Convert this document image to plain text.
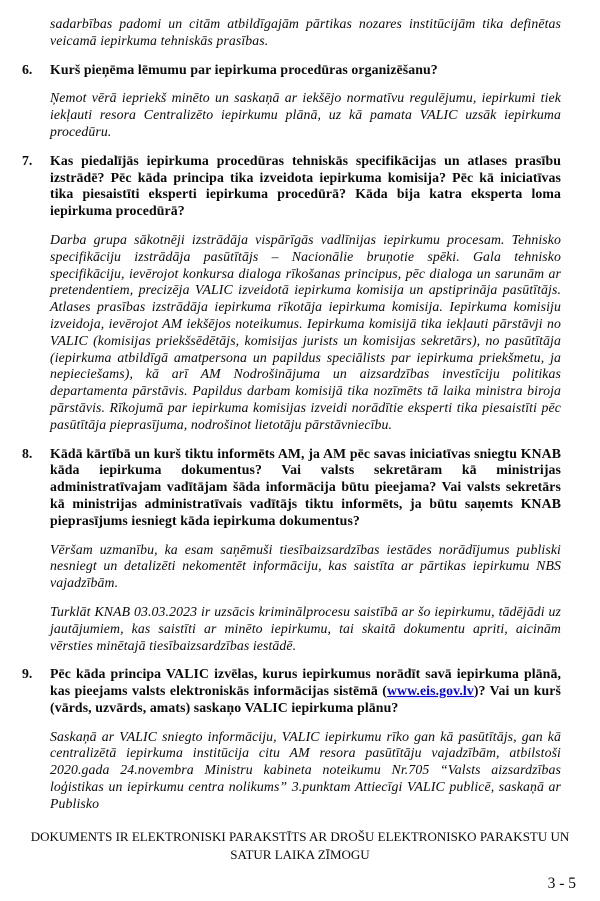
sadarbības padomi un citām atbildīgajām pārtikas nozares institūcijām tika definētas veicamā iepirkuma tehniskās prasības.

6. Kurš pieņēma lēmumu par iepirkuma procedūras organizēšanu?

Ņemot vērā iepriekš minēto un saskaņā ar iekšējo normatīvu regulējumu, iepirkumi tiek iekļauti resora Centralizēto iepirkumu plānā, uz kā pamata VALIC uzsāk iepirkuma procedūru.

7. Kas piedalījās iepirkuma procedūras tehniskās specifikācijas un atlases prasību izstrādē? Pēc kāda principa tika izveidota iepirkuma komisija? Pēc kā iniciatīvas tika piesaistīti eksperti iepirkuma procedūrā? Kāda bija katra eksperta loma iepirkuma procedūrā?

Darba grupa sākotnēji izstrādāja vispārīgās vadlīnijas iepirkumu procesam. Tehnisko specifikāciju izstrādāja pasūtītājs – Nacionālie bruņotie spēki. Gala tehnisko specifikāciju, ievērojot konkursa dialoga rīkošanas principus, pēc dialoga un sarunām ar pretendentiem, precizēja VALIC izveidotā iepirkuma komisija un apstiprināja pasūtītājs. Atlases prasības izstrādāja iepirkuma rīkotāja iepirkuma komisija. Iepirkuma komisiju izveidoja, ievērojot AM iekšējos noteikumus. Iepirkuma komisijā tika iekļauti pārstāvji no VALIC (komisijas priekšsēdētājs, komisijas jurists un komisijas sekretārs), no pasūtītāja (iepirkuma atbildīgā amatpersona un papildus speciālists par iepirkuma priekšmetu, ja nepieciešams), kā arī AM Nodrošinājuma un aizsardzības investīciju politikas departamenta pārstāvis. Papildus darbam komisijā tika nozīmēts tā laika ministra biroja pārstāvis. Rīkojumā par iepirkuma komisijas izveidi norādītie eksperti tika piesaistīti pēc pasūtītāja pieprasījuma, nodrošinot lietotāju pārstāvniecību.

8. Kādā kārtībā un kurš tiktu informēts AM, ja AM pēc savas iniciatīvas sniegtu KNAB kāda iepirkuma dokumentus? Vai valsts sekretāram kā ministrijas administratīvajam vadītājam šāda informācija būtu pieejama? Vai valsts sekretārs kā ministrijas administratīvais vadītājs tiktu informēts, ja būtu saņemts KNAB pieprasījums iesniegt kāda iepirkuma dokumentus?

Vēršam uzmanību, ka esam saņēmuši tiesībaizsardzības iestādes norādījumus publiski nesniegt un detalizēti nekomentēt informāciju, kas saistīta ar pārtikas iepirkumu NBS vajadzībām.

Turklāt KNAB 03.03.2023 ir uzsācis kriminālprocesu saistībā ar šo iepirkumu, tādējādi uz jautājumiem, kas saistīti ar minēto iepirkumu, tai skaitā dokumentu apriti, aicinām vērsties minētajā tiesībaizsardzības iestādē.

9. Pēc kāda principa VALIC izvēlas, kurus iepirkumus norādīt savā iepirkuma plānā, kas pieejams valsts elektroniskās informācijas sistēmā (www.eis.gov.lv)? Vai un kurš (vārds, uzvārds, amats) saskaņo VALIC iepirkuma plānu?

Saskaņā ar VALIC sniegto informāciju, VALIC iepirkumu rīko gan kā pasūtītājs, gan kā centralizētā iepirkuma institūcija citu AM resora pasūtītāju vajadzībām, atbilstoši 2020.gada 24.novembra Ministru kabineta noteikumu Nr.705 “Valsts aizsardzības loģistikas un iepirkumu centra nolikums” 3.punktam Attiecīgi VALIC publicē, saskaņā ar Publisko

DOKUMENTS IR ELEKTRONISKI PARAKSTĪTS AR DROŠU ELEKTRONISKO PARAKSTU UN SATUR LAIKA ZĪMOGU
3 - 5
